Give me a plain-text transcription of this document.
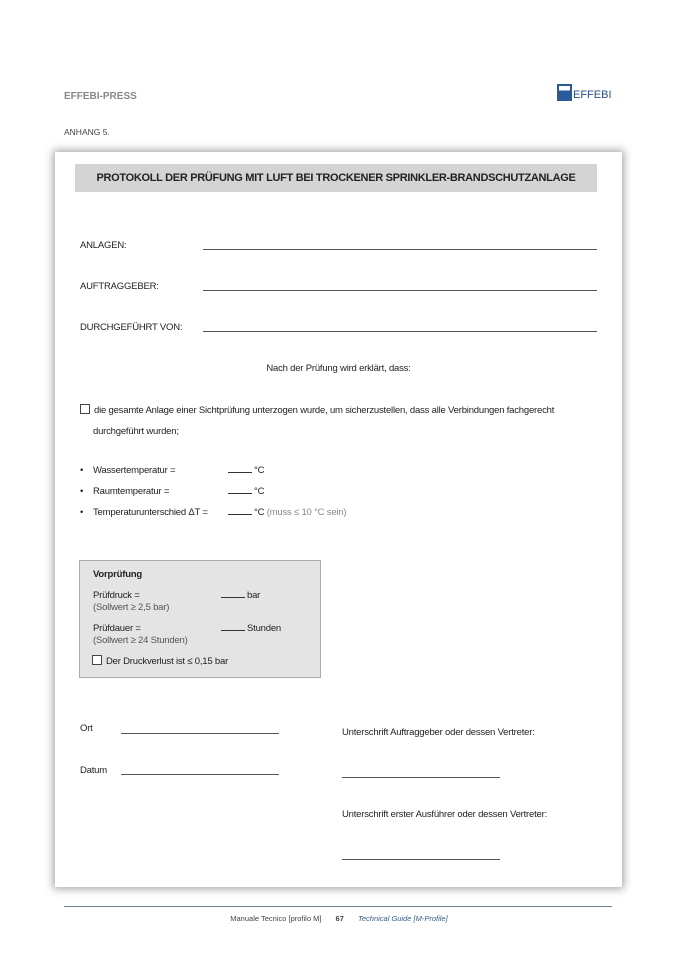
EFFEBI-PRESS	EFFEBI
ANHANG 5.
PROTOKOLL DER PRÜFUNG MIT LUFT BEI TROCKENER SPRINKLER-BRANDSCHUTZANLAGE
ANLAGEN:
AUFTRAGGEBER:
DURCHGEFÜHRT VON:
Nach der Prüfung wird erklärt, dass:
die gesamte Anlage einer Sichtprüfung unterzogen wurde, um sicherzustellen, dass alle Verbindungen fachgerecht
durchgeführt wurden;
• Wassertemperatur =	°C
• Raumtemperatur =	°C
• Temperaturunterschied ΔT =	°C (muss ≤ 10 °C sein)
Vorprüfung
Prüfdruck =
(Sollwert ≥ 2,5 bar)
bar
Prüfdauer =
(Sollwert ≥ 24 Stunden)
Stunden
Der Druckverlust ist ≤ 0,15 bar
Ort
Datum
Unterschrift Auftraggeber oder dessen Vertreter:
Unterschrift erster Ausführer oder dessen Vertreter:
Manuale Tecnico [profilo M] 67 Technical Guide [M-Profile]
